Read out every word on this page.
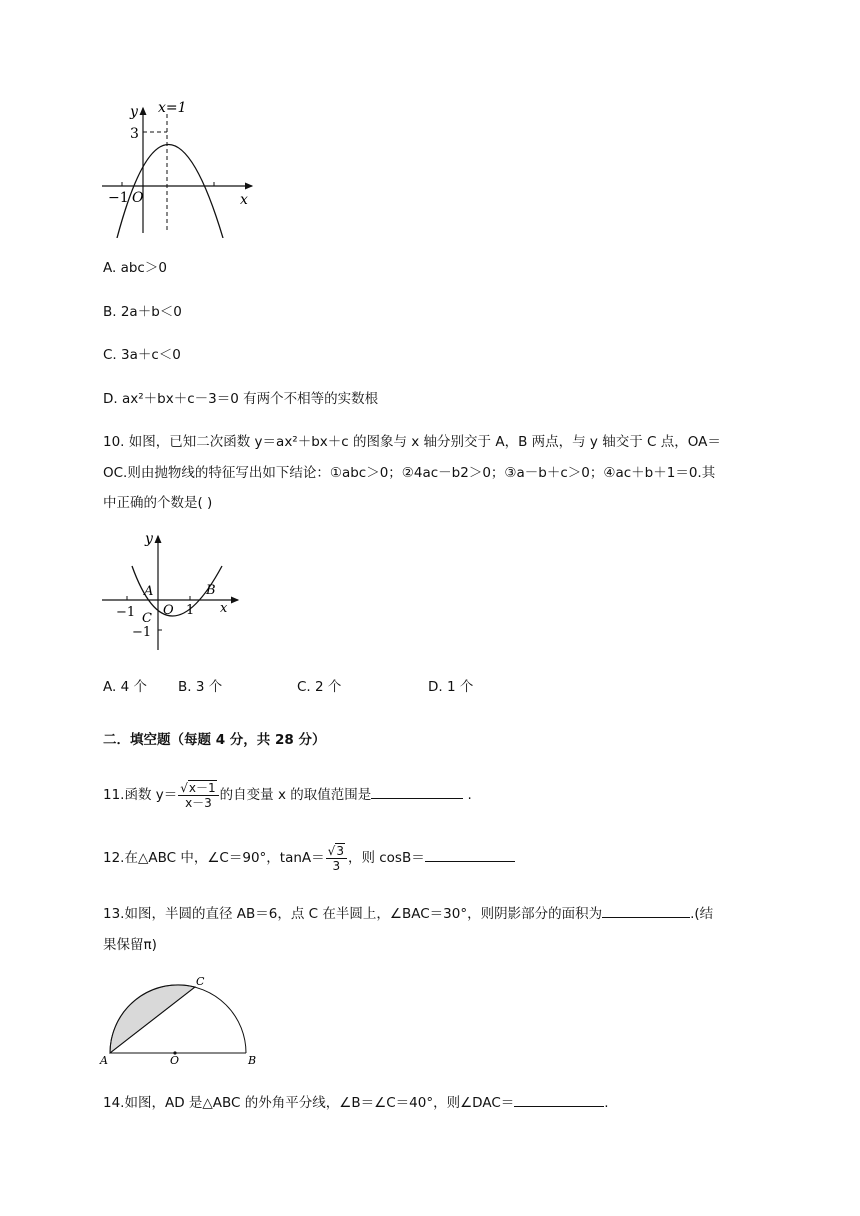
y x=1
3
−1 O	x
A. abc＞0
B. 2a＋b＜0
C. 3a＋c＜0
D. ax²＋bx＋c－3＝0 有两个不相等的实数根
10. 如图，已知二次函数 y＝ax²＋bx＋c 的图象与 x 轴分别交于 A，B 两点，与 y 轴交于 C 点，OA＝
OC.则由抛物线的特征写出如下结论：①abc＞0；②4ac－b2＞0；③a－b＋c＞0；④ac＋b＋1＝0.其
中正确的个数是( )
y
A	B
−1 O 1 x
C
−1
A. 4 个 B. 3 个	C. 2 个	D. 1 个
二．填空题（每题 4 分，共 28 分）
11.函数 $y= \frac{√x-1}{x-3}$ 的自变量 x 的取值范围是	.
12.在△ABC 中，∠C＝90°，$\tan A= \frac{√3}{3}$ ，则 cosB＝
13.如图，半圆的直径 AB＝6，点 C 在半圆上，∠BAC＝30°，则阴影部分的面积为	.(结
果保留π)
A	B
C
O
14.如图，AD 是△ABC 的外角平分线，∠B＝∠C＝40°，则∠DAC＝	.
